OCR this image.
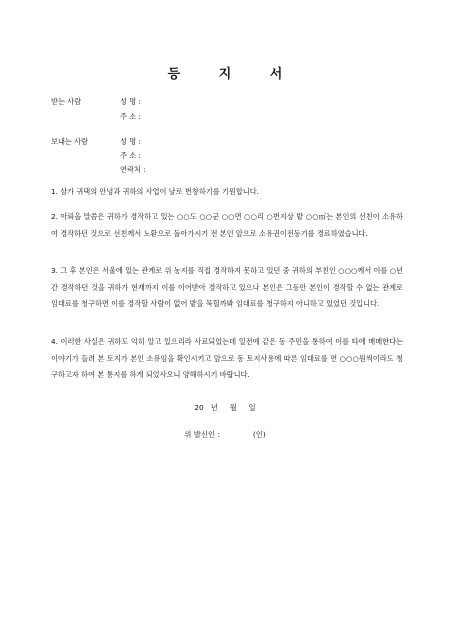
등 지 서
받는 사람	성 명 :
주 소 :
보내는 사람	성 명 :
주 소 :
연락처 :
1. 삼가 귀댁의 안녕과 귀하의 사업이 날로 번창하기를 기원합니다.
2. 아뢰올 말씀은 귀하가 경작하고 있는 ○○도 ○○군 ○○면 ○○리 ○번지상 밭 ○○㎡는 본인의 선친이 소유하여 경작하던 것으로 선친께서 노환으로 돌아가시기 전 본인 앞으로 소유권이전등기를 경료하였습니다.
3. 그 후 본인은 서울에 있는 관계로 위 농지를 직접 경작하지 못하고 있던 중 귀하의 부친인 ○○○께서 이를 ○년간 경작하던 것을 귀하가 현재까지 이를 이어받아 경작하고 있으나 본인은 그동안 본인이 경작할 수 없는 관계로 임대료를 청구하면 이를 경작할 사람이 없어 밭을 묵힐까봐 임대료를 청구하지 아니하고 있었던 것입니다.
4. 이러한 사실은 귀하도 익히 알고 있으리라 사료되었는데 일전에 같은 동 주민을 통하여 이를 타에 매매한다는 이야기가 들려 본 토지가 본인 소유임을 확인시키고 앞으로 동 토지사용에 따른 임대료를 연 ○○○원씩이라도 청구하고자 하여 본 통지를 하게 되었사오니 양해하시기 바랍니다.
20   년     월     일
위 발신인 :              (인)
